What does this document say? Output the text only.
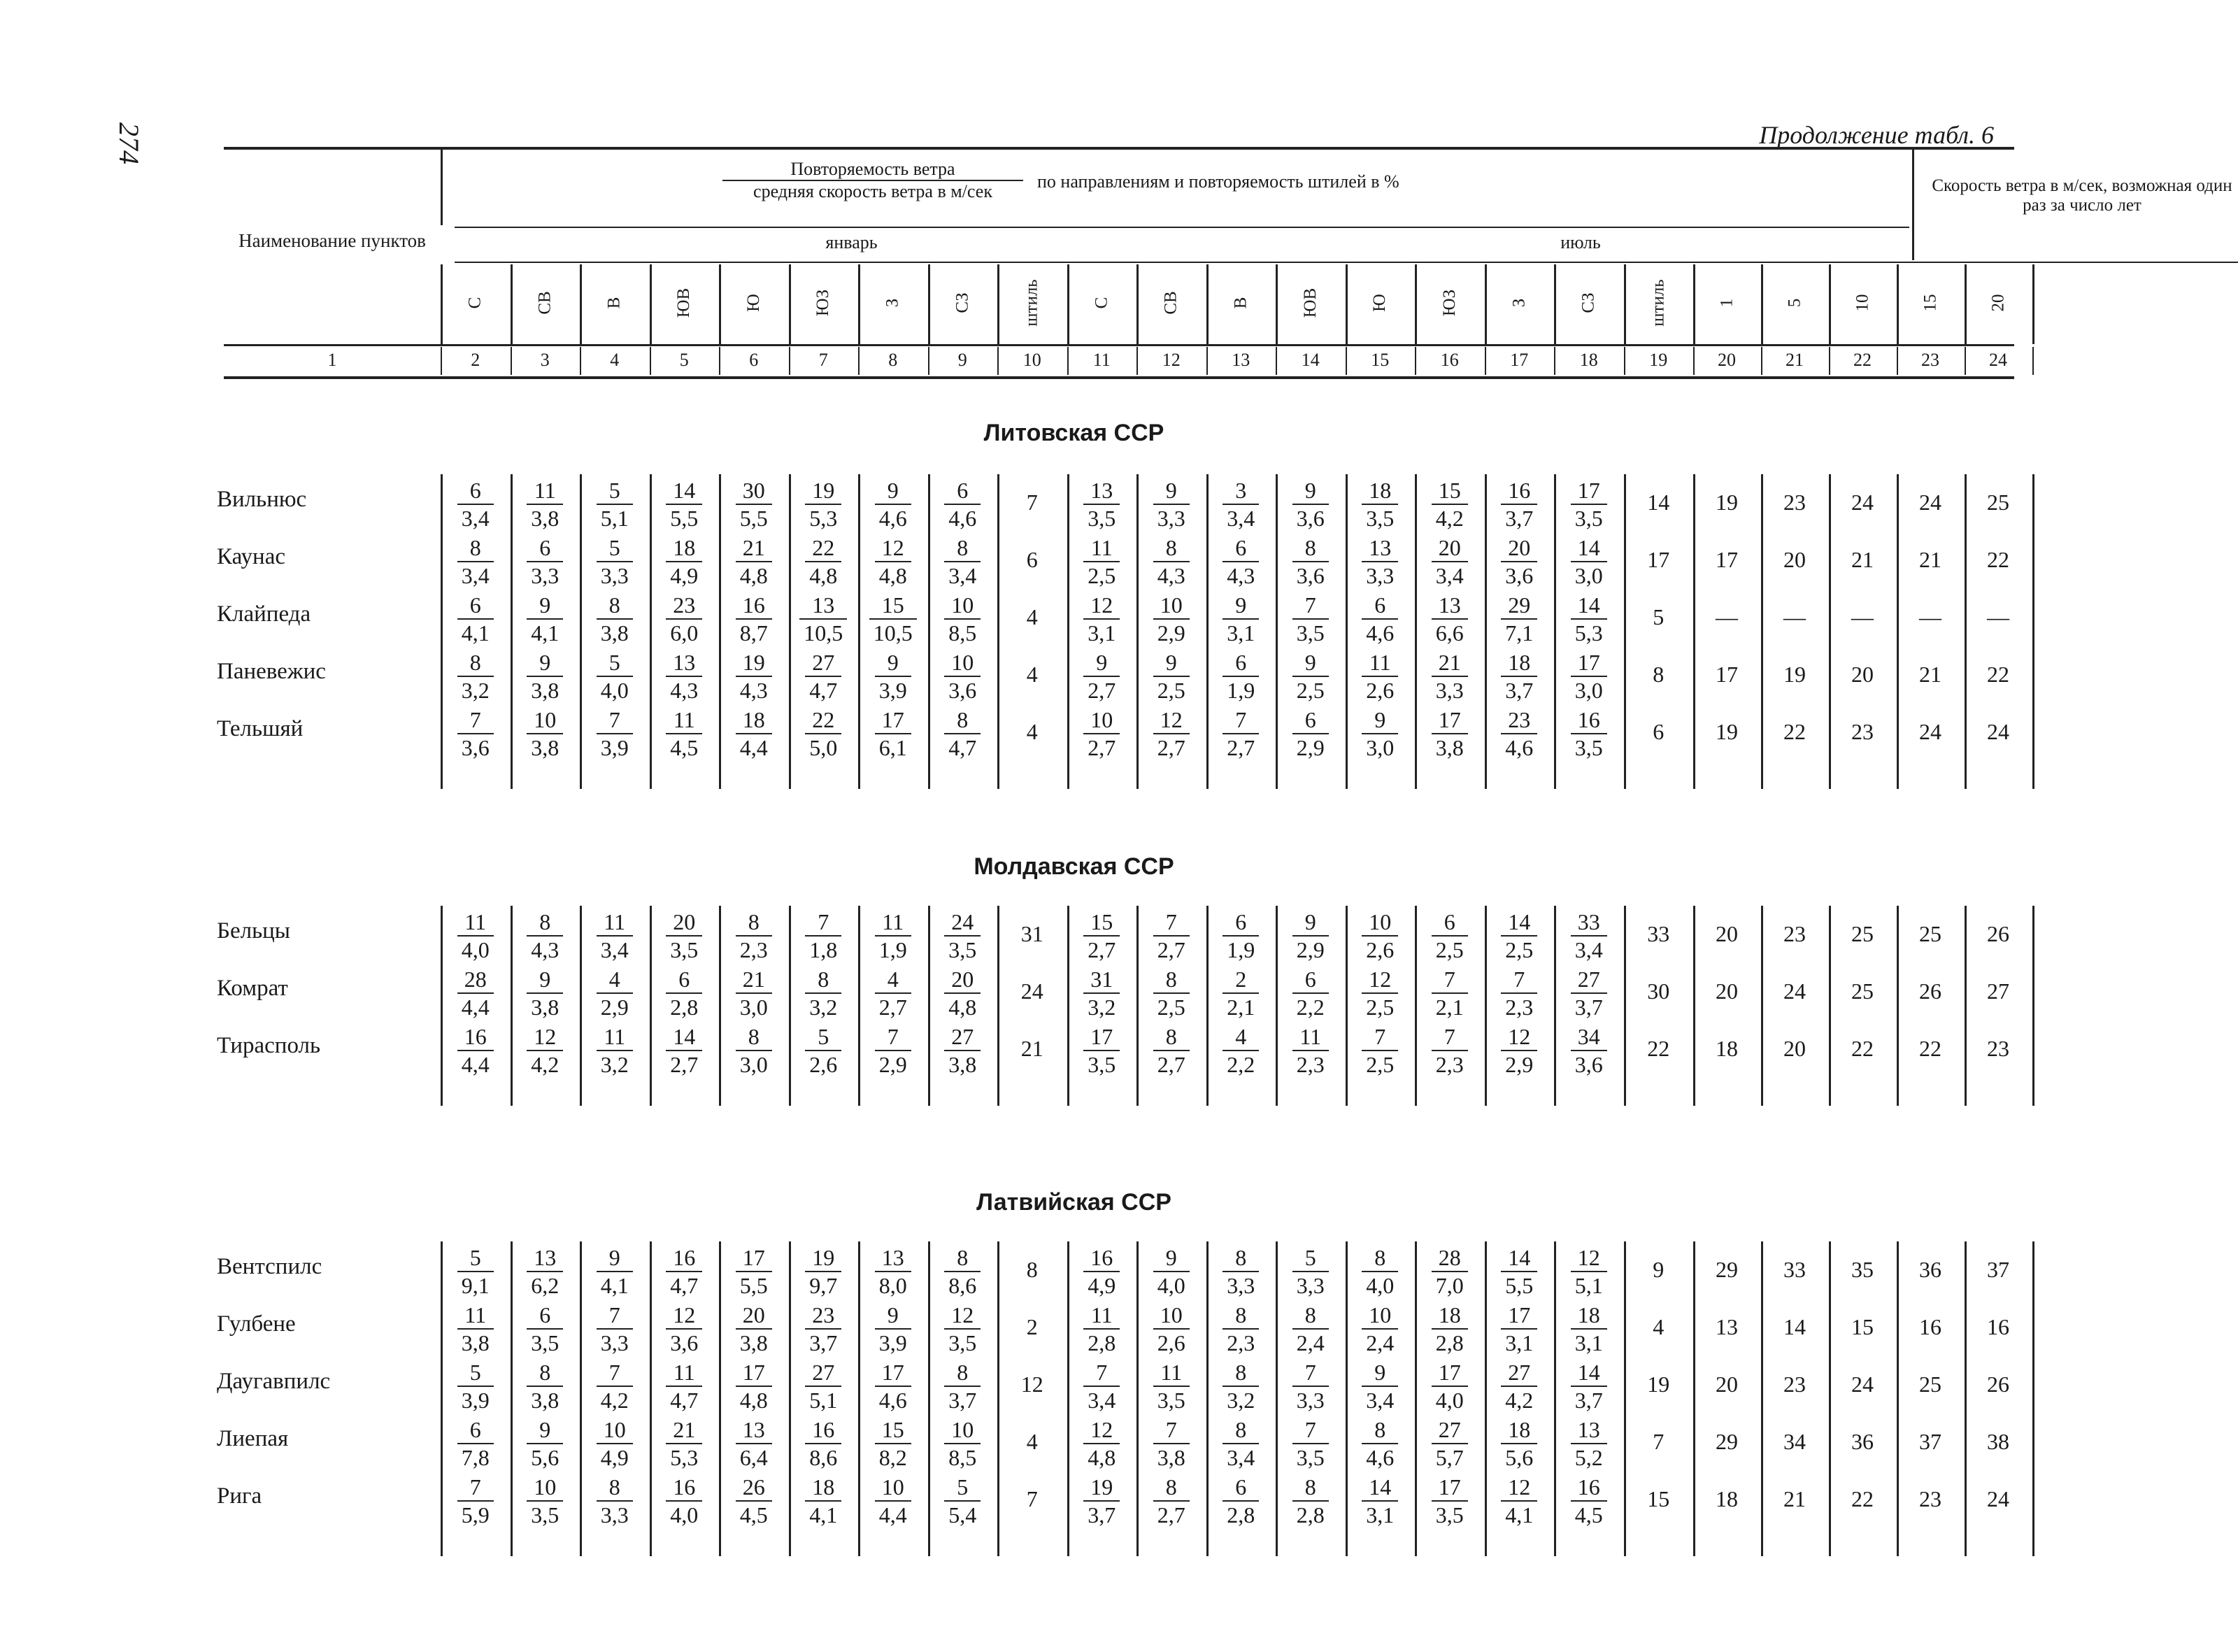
274	Продолжение табл. 6
Наименование пунктов
Повторяемость ветра
средняя скорость ветра в м/сек	по направлениям и повторяемость штилей в %	Скорость ветра в м/сек, возможная один раз за число лет
январь	июль
С	СВ	В	ЮВ	Ю	ЮЗ	З	СЗ	штиль	С	СВ	В	ЮВ	Ю	ЮЗ	З	СЗ	штиль	1	5	10	15	20
1	2	3	4	5	6	7	8	9	10	11	12	13	14	15	16	17	18	19	20	21	22	23	24
Литовская ССР
Вильнюс	$\frac{6}{3,4} \frac{11}{3,8} \frac{5}{5,1} \frac{14}{5,5} \frac{30}{5,5} \frac{19}{5,3} \frac{9}{4,6} \frac{6}{4,6}$	7	$\frac{13}{3,5} \frac{9}{3,3} \frac{3}{3,4} \frac{9}{3,6} \frac{18}{3,5} \frac{15}{4,2} \frac{16}{3,7} \frac{17}{3,5}$	14	19	23	24	24	25
Каунас	$\frac{8}{3,4} \frac{6}{3,3} \frac{5}{3,3} \frac{18}{4,9} \frac{21}{4,8} \frac{22}{4,8} \frac{12}{4,8} \frac{8}{3,4}$	6	$\frac{11}{2,5} \frac{8}{4,3} \frac{6}{4,3} \frac{8}{3,6} \frac{13}{3,3} \frac{20}{3,4} \frac{20}{3,6} \frac{14}{3,0}$	17	17	20	21	21	22
Клайпеда	$\frac{6}{4,1} \frac{9}{4,1} \frac{8}{3,8} \frac{23}{6,0} \frac{16}{8,7} \frac{13}{10,5} \frac{15}{10,5} \frac{10}{8,5}$	4	$\frac{12}{3,1} \frac{10}{2,9} \frac{9}{3,1} \frac{7}{3,5} \frac{6}{4,6} \frac{13}{6,6} \frac{29}{7,1} \frac{14}{5,3}$	5	—	—	—	—	—
Паневежис	$\frac{8}{3,2} \frac{9}{3,8} \frac{5}{4,0} \frac{13}{4,3} \frac{19}{4,3} \frac{27}{4,7} \frac{9}{3,9} \frac{10}{3,6}$	4	$\frac{9}{2,7} \frac{9}{2,5} \frac{6}{1,9} \frac{9}{2,5} \frac{11}{2,6} \frac{21}{3,3} \frac{18}{3,7} \frac{17}{3,0}$	8	17	19	20	21	22
Тельшяй	$\frac{7}{3,6} \frac{10}{3,8} \frac{7}{3,9} \frac{11}{4,5} \frac{18}{4,4} \frac{22}{5,0} \frac{17}{6,1} \frac{8}{4,7}$	4	$\frac{10}{2,7} \frac{12}{2,7} \frac{7}{2,7} \frac{6}{2,9} \frac{9}{3,0} \frac{17}{3,8} \frac{23}{4,6} \frac{16}{3,5}$	6	19	22	23	24	24
Молдавская ССР
Бельцы	$\frac{11}{4,0} \frac{8}{4,3} \frac{11}{3,4} \frac{20}{3,5} \frac{8}{2,3} \frac{7}{1,8} \frac{11}{1,9} \frac{24}{3,5}$	31	$\frac{15}{2,7} \frac{7}{2,7} \frac{6}{1,9} \frac{9}{2,9} \frac{10}{2,6} \frac{6}{2,5} \frac{14}{2,5} \frac{33}{3,4}$	33	20	23	25	25	26
Комрат	$\frac{28}{4,4} \frac{9}{3,8} \frac{4}{2,9} \frac{6}{2,8} \frac{21}{3,0} \frac{8}{3,2} \frac{4}{2,7} \frac{20}{4,8}$	24	$\frac{31}{3,2} \frac{8}{2,5} \frac{2}{2,1} \frac{6}{2,2} \frac{12}{2,5} \frac{7}{2,1} \frac{7}{2,3} \frac{27}{3,7}$	30	20	24	25	26	27
Тирасполь	$\frac{16}{4,4} \frac{12}{4,2} \frac{11}{3,2} \frac{14}{2,7} \frac{8}{3,0} \frac{5}{2,6} \frac{7}{2,9} \frac{27}{3,8}$	21	$\frac{17}{3,5} \frac{8}{2,7} \frac{4}{2,2} \frac{11}{2,3} \frac{7}{2,5} \frac{7}{2,3} \frac{12}{2,9} \frac{34}{3,6}$	22	18	20	22	22	23
Латвийская ССР
Вентспилс	$\frac{5}{9,1} \frac{13}{6,2} \frac{9}{4,1} \frac{16}{4,7} \frac{17}{5,5} \frac{19}{9,7} \frac{13}{8,0} \frac{8}{8,6}$	8	$\frac{16}{4,9} \frac{9}{4,0} \frac{8}{3,3} \frac{5}{3,3} \frac{8}{4,0} \frac{28}{7,0} \frac{14}{5,5} \frac{12}{5,1}$	9	29	33	35	36	37
Гулбене	$\frac{11}{3,8} \frac{6}{3,5} \frac{7}{3,3} \frac{12}{3,6} \frac{20}{3,8} \frac{23}{3,7} \frac{9}{3,9} \frac{12}{3,5}$	2	$\frac{11}{2,8} \frac{10}{2,6} \frac{8}{2,3} \frac{8}{2,4} \frac{10}{2,4} \frac{18}{2,8} \frac{17}{3,1} \frac{18}{3,1}$	4	13	14	15	16	16
Даугавпилс	$\frac{5}{3,9} \frac{8}{3,8} \frac{7}{4,2} \frac{11}{4,7} \frac{17}{4,8} \frac{27}{5,1} \frac{17}{4,6} \frac{8}{3,7}$	12	$\frac{7}{3,4} \frac{11}{3,5} \frac{8}{3,2} \frac{7}{3,3} \frac{9}{3,4} \frac{17}{4,0} \frac{27}{4,2} \frac{14}{3,7}$	19	20	23	24	25	26
Лиепая	$\frac{6}{7,8} \frac{9}{5,6} \frac{10}{4,9} \frac{21}{5,3} \frac{13}{6,4} \frac{16}{8,6} \frac{15}{8,2} \frac{10}{8,5}$	4	$\frac{12}{4,8} \frac{7}{3,8} \frac{8}{3,4} \frac{7}{3,5} \frac{8}{4,6} \frac{27}{5,7} \frac{18}{5,6} \frac{13}{5,2}$	7	29	34	36	37	38
Рига	$\frac{7}{5,9} \frac{10}{3,5} \frac{8}{3,3} \frac{16}{4,0} \frac{26}{4,5} \frac{18}{4,1} \frac{10}{4,4} \frac{5}{5,4}$	7	$\frac{19}{3,7} \frac{8}{2,7} \frac{6}{2,8} \frac{8}{2,8} \frac{14}{3,1} \frac{17}{3,5} \frac{12}{4,1} \frac{16}{4,5}$	15	18	21	22	23	24
